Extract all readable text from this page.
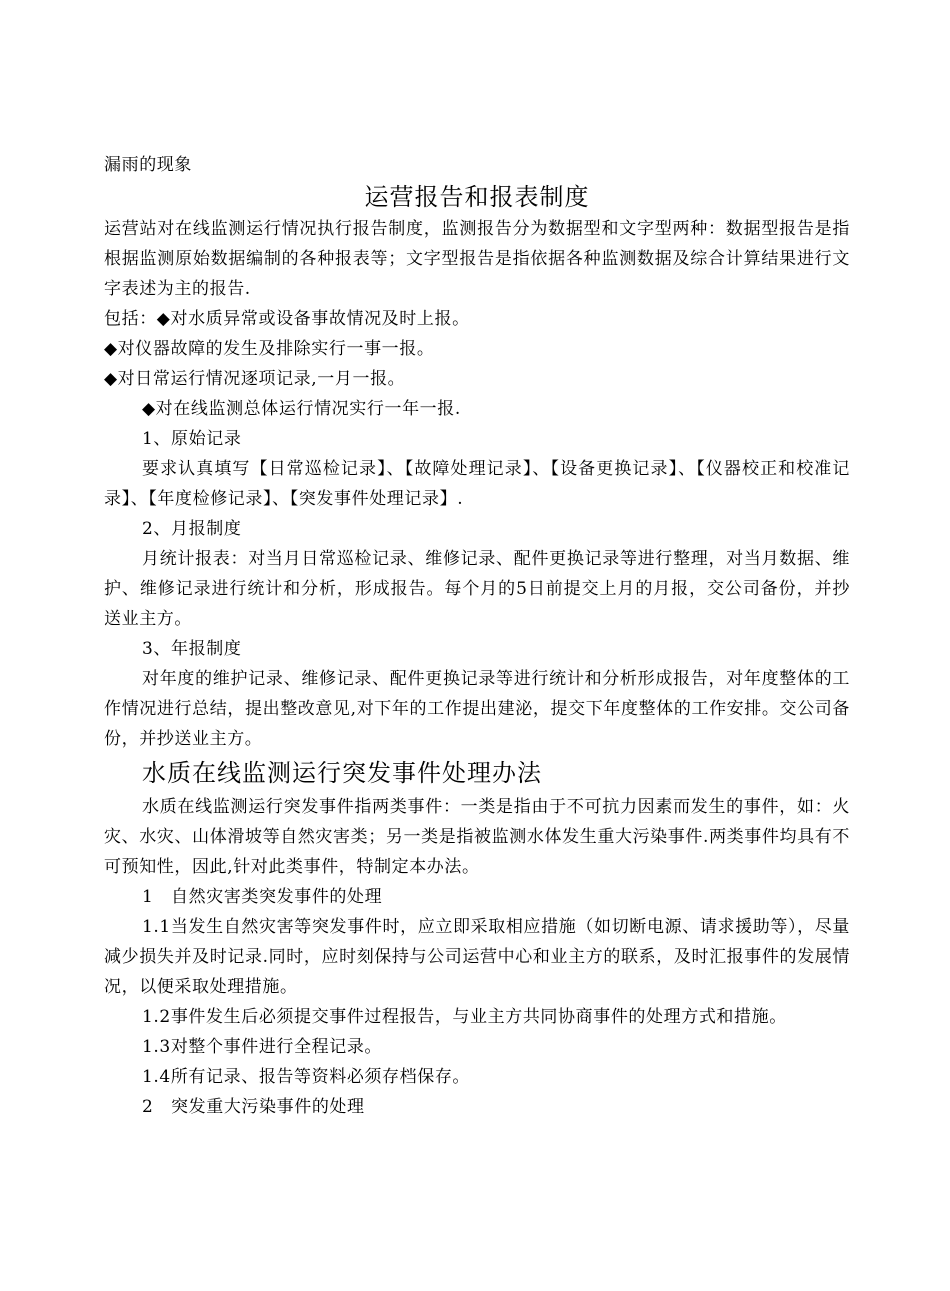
漏雨的现象

运营报告和报表制度

运营站对在线监测运行情况执行报告制度，监测报告分为数据型和文字型两种：数据型报告是指根据监测原始数据编制的各种报表等；文字型报告是指依据各种监测数据及综合计算结果进行文字表述为主的报告.

包括：◆对水质异常或设备事故情况及时上报。

◆对仪器故障的发生及排除实行一事一报。

◆对日常运行情况逐项记录,一月一报。

◆对在线监测总体运行情况实行一年一报.

1、原始记录

要求认真填写【日常巡检记录】、【故障处理记录】、【设备更换记录】、【仪器校正和校准记录】、【年度检修记录】、【突发事件处理记录】.

2、月报制度

月统计报表：对当月日常巡检记录、维修记录、配件更换记录等进行整理，对当月数据、维护、维修记录进行统计和分析，形成报告。每个月的5日前提交上月的月报，交公司备份，并抄送业主方。

3、年报制度

对年度的维护记录、维修记录、配件更换记录等进行统计和分析形成报告，对年度整体的工作情况进行总结，提出整改意见,对下年的工作提出建泌，提交下年度整体的工作安排。交公司备份，并抄送业主方。

水质在线监测运行突发事件处理办法

水质在线监测运行突发事件指两类事件：一类是指由于不可抗力因素而发生的事件，如：火灾、水灾、山体滑坡等自然灾害类；另一类是指被监测水体发生重大污染事件.两类事件均具有不可预知性，因此,针对此类事件，特制定本办法。

1　自然灾害类突发事件的处理

1.1当发生自然灾害等突发事件时，应立即采取相应措施（如切断电源、请求援助等），尽量减少损失并及时记录.同时，应时刻保持与公司运营中心和业主方的联系，及时汇报事件的发展情况，以便采取处理措施。

1.2事件发生后必须提交事件过程报告，与业主方共同协商事件的处理方式和措施。

1.3对整个事件进行全程记录。

1.4所有记录、报告等资料必须存档保存。

2　突发重大污染事件的处理
